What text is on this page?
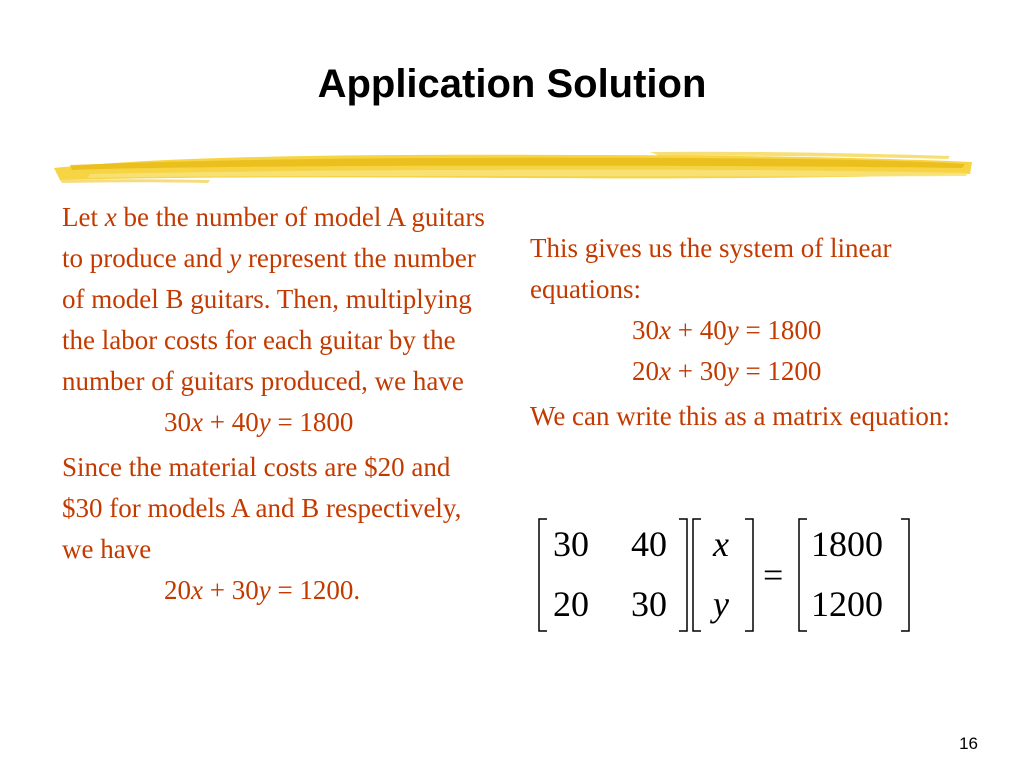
Application Solution

Let x be the number of model A guitars to produce and y represent the number of model B guitars. Then, multiplying the labor costs for each guitar by the number of guitars produced, we have

30x + 40y = 1800

Since the material costs are $20 and $30 for models A and B respectively, we have

20x + 30y = 1200.

This gives us the system of linear equations:

30x + 40y = 1800

20x + 30y = 1200

We can write this as a matrix equation:

30 40
20 30
x
y
=
1800
1200
16
